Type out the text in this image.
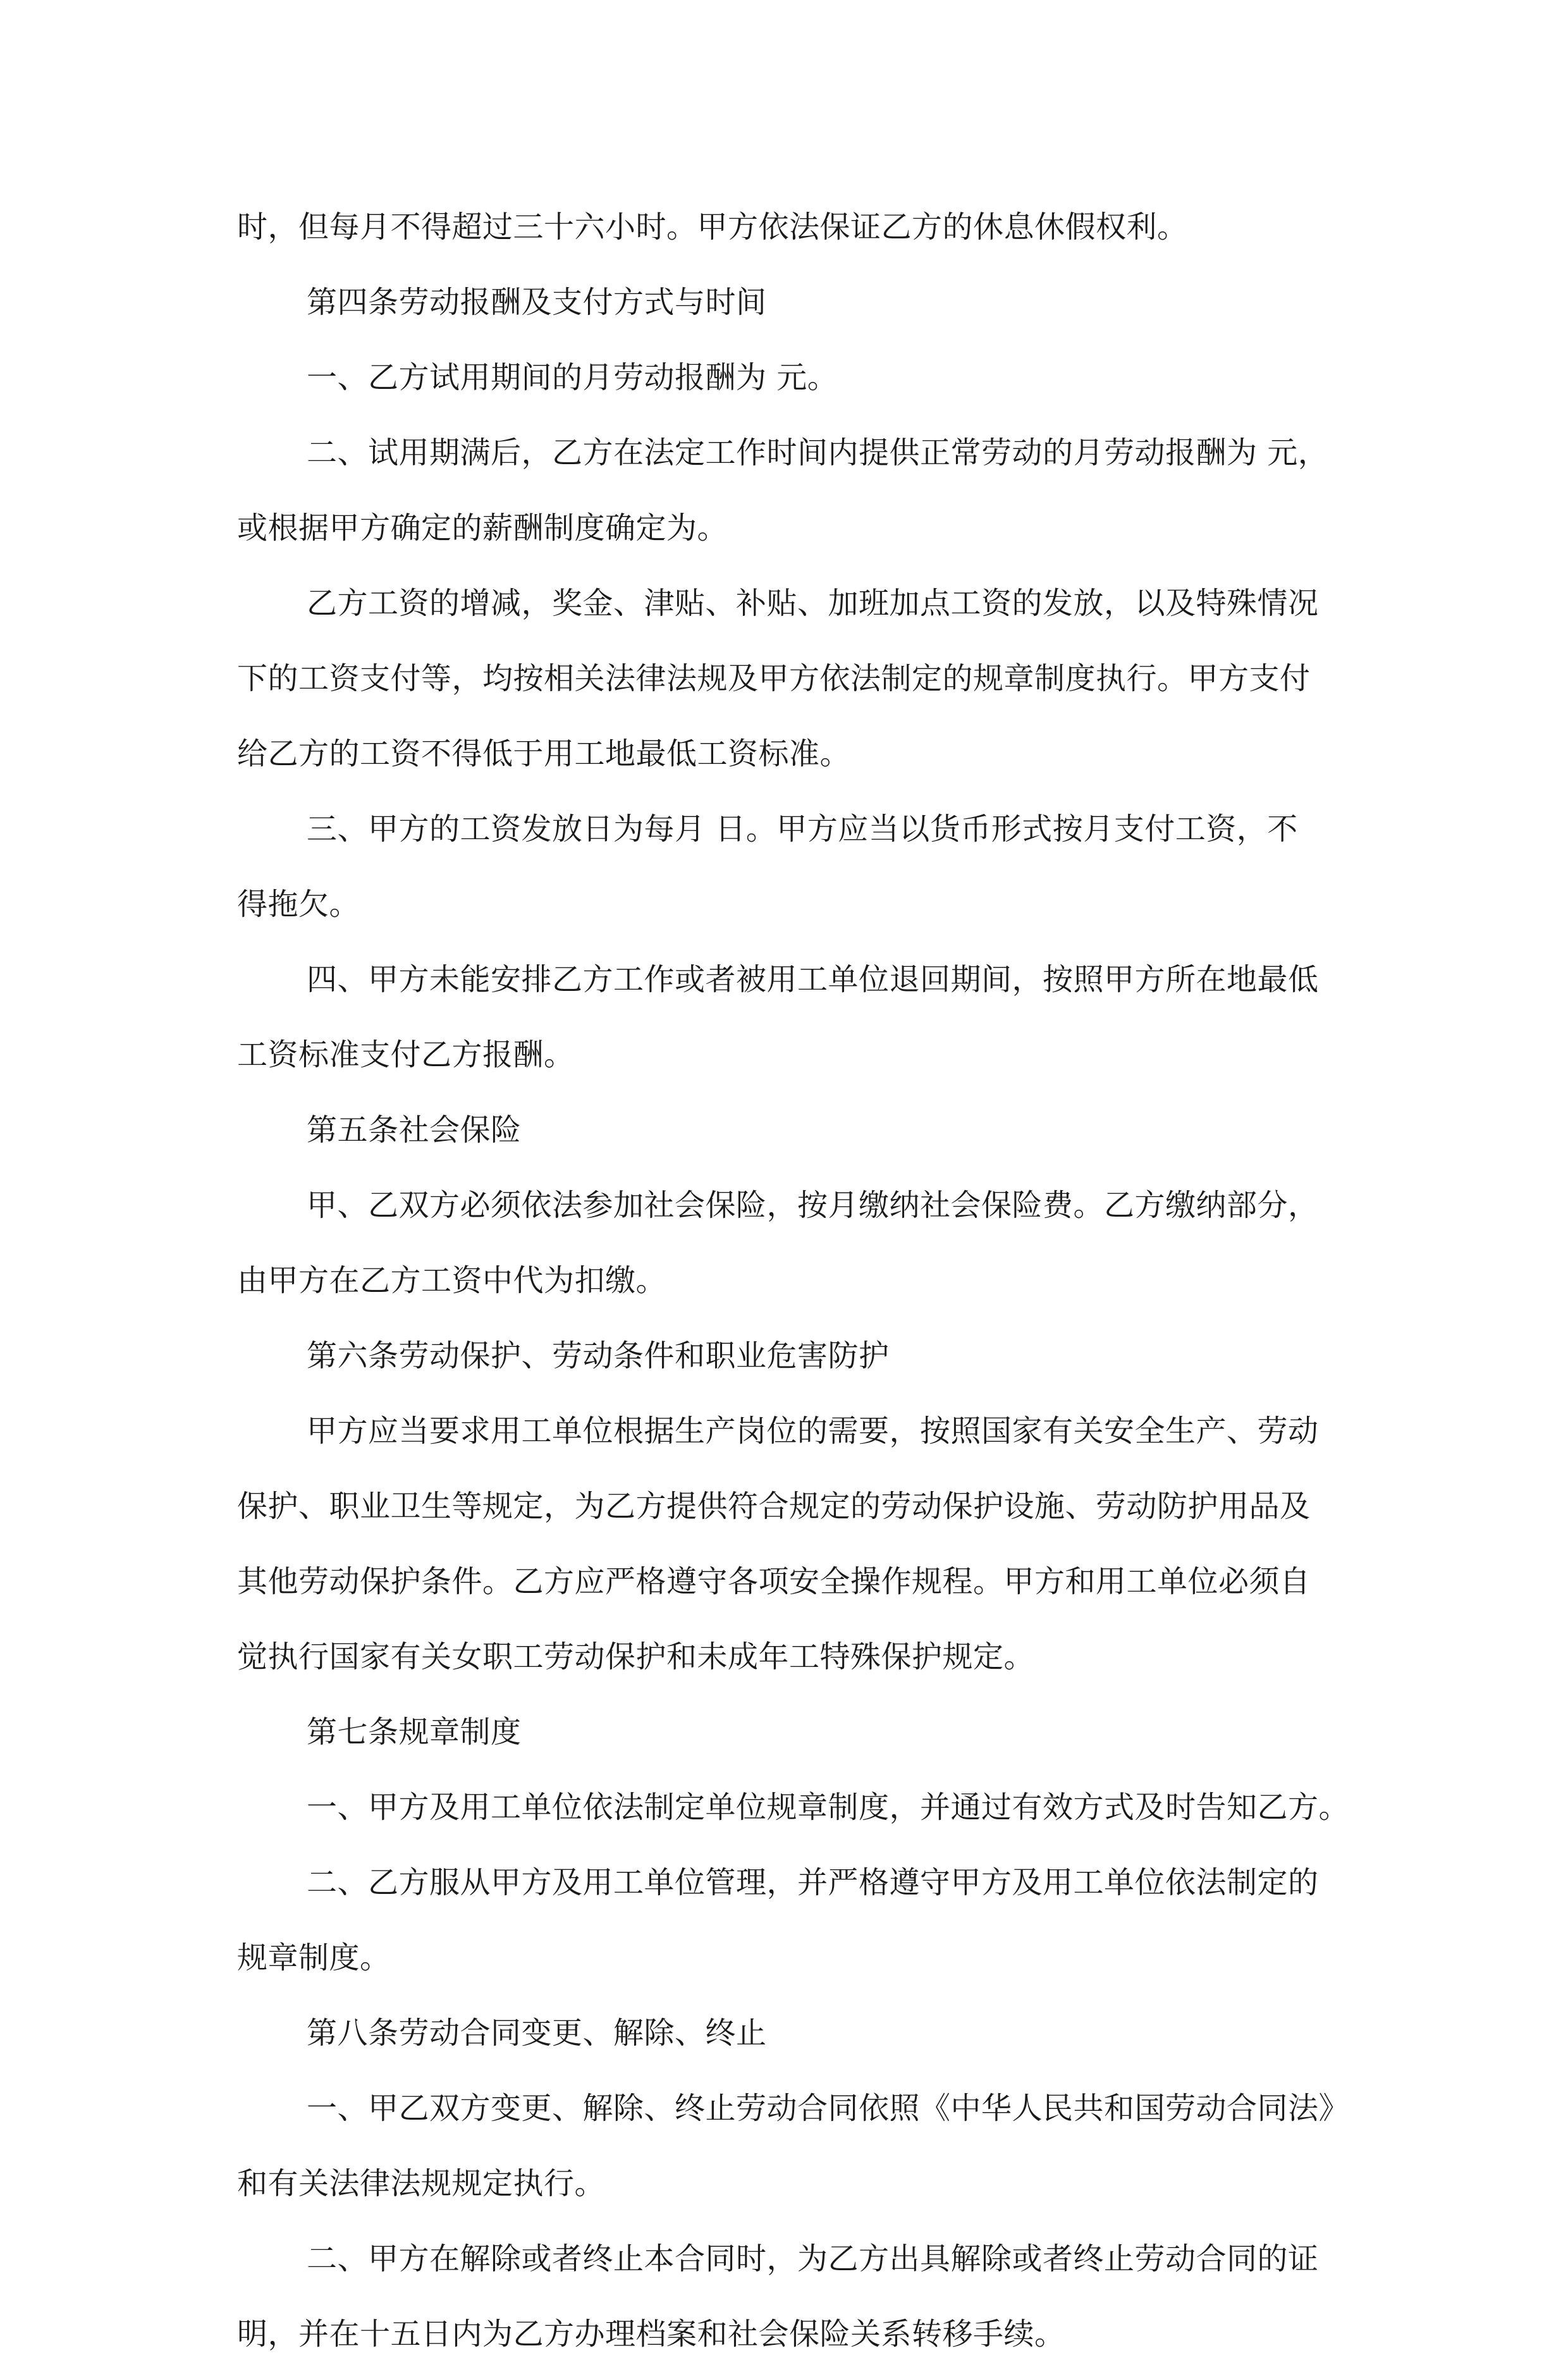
时，但每月不得超过三十六小时。甲方依法保证乙方的休息休假权利。
第四条劳动报酬及支付方式与时间
一、乙方试用期间的月劳动报酬为 元。
二、试用期满后，乙方在法定工作时间内提供正常劳动的月劳动报酬为 元，
或根据甲方确定的薪酬制度确定为。
乙方工资的增减，奖金、津贴、补贴、加班加点工资的发放，以及特殊情况
下的工资支付等，均按相关法律法规及甲方依法制定的规章制度执行。甲方支付
给乙方的工资不得低于用工地最低工资标准。
三、甲方的工资发放日为每月 日。甲方应当以货币形式按月支付工资，不
得拖欠。
四、甲方未能安排乙方工作或者被用工单位退回期间，按照甲方所在地最低
工资标准支付乙方报酬。
第五条社会保险
甲、乙双方必须依法参加社会保险，按月缴纳社会保险费。乙方缴纳部分，
由甲方在乙方工资中代为扣缴。
第六条劳动保护、劳动条件和职业危害防护
甲方应当要求用工单位根据生产岗位的需要，按照国家有关安全生产、劳动
保护、职业卫生等规定，为乙方提供符合规定的劳动保护设施、劳动防护用品及
其他劳动保护条件。乙方应严格遵守各项安全操作规程。甲方和用工单位必须自
觉执行国家有关女职工劳动保护和未成年工特殊保护规定。
第七条规章制度
一、甲方及用工单位依法制定单位规章制度，并通过有效方式及时告知乙方。
二、乙方服从甲方及用工单位管理，并严格遵守甲方及用工单位依法制定的
规章制度。
第八条劳动合同变更、解除、终止
一、甲乙双方变更、解除、终止劳动合同依照《中华人民共和国劳动合同法》
和有关法律法规规定执行。
二、甲方在解除或者终止本合同时，为乙方出具解除或者终止劳动合同的证
明，并在十五日内为乙方办理档案和社会保险关系转移手续。
